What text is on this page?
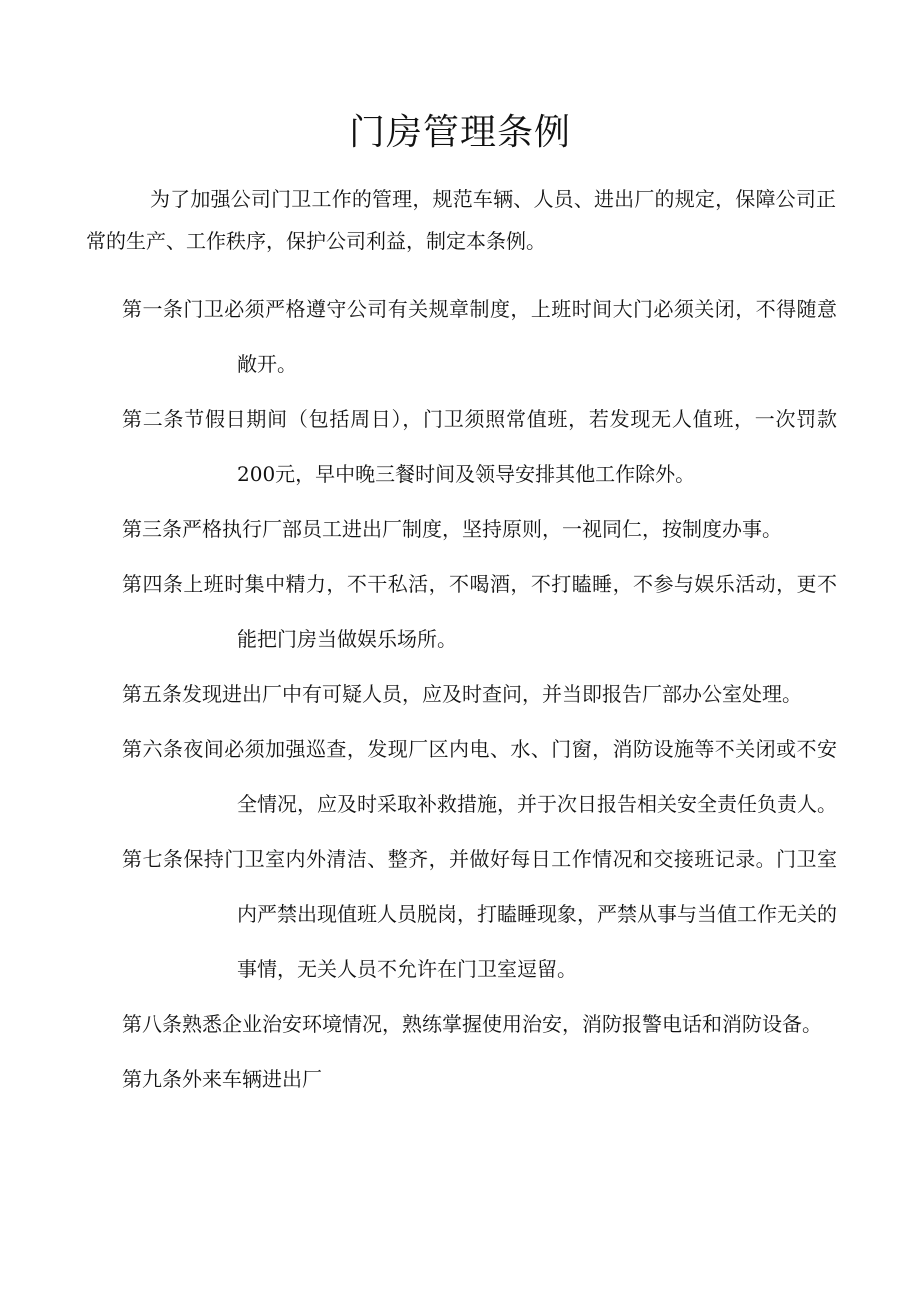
门房管理条例

为了加强公司门卫工作的管理，规范车辆、人员、进出厂的规定，保障公司正常的生产、工作秩序，保护公司利益，制定本条例。

第一条门卫必须严格遵守公司有关规章制度，上班时间大门必须关闭，不得随意敞开。
第二条节假日期间（包括周日），门卫须照常值班，若发现无人值班，一次罚款200元，早中晚三餐时间及领导安排其他工作除外。
第三条严格执行厂部员工进出厂制度，坚持原则，一视同仁，按制度办事。
第四条上班时集中精力，不干私活，不喝酒，不打瞌睡，不参与娱乐活动，更不能把门房当做娱乐场所。
第五条发现进出厂中有可疑人员，应及时查问，并当即报告厂部办公室处理。
第六条夜间必须加强巡查，发现厂区内电、水、门窗，消防设施等不关闭或不安全情况，应及时采取补救措施，并于次日报告相关安全责任负责人。
第七条保持门卫室内外清洁、整齐，并做好每日工作情况和交接班记录。门卫室内严禁出现值班人员脱岗，打瞌睡现象，严禁从事与当值工作无关的事情，无关人员不允许在门卫室逗留。
第八条熟悉企业治安环境情况，熟练掌握使用治安，消防报警电话和消防设备。
第九条外来车辆进出厂
